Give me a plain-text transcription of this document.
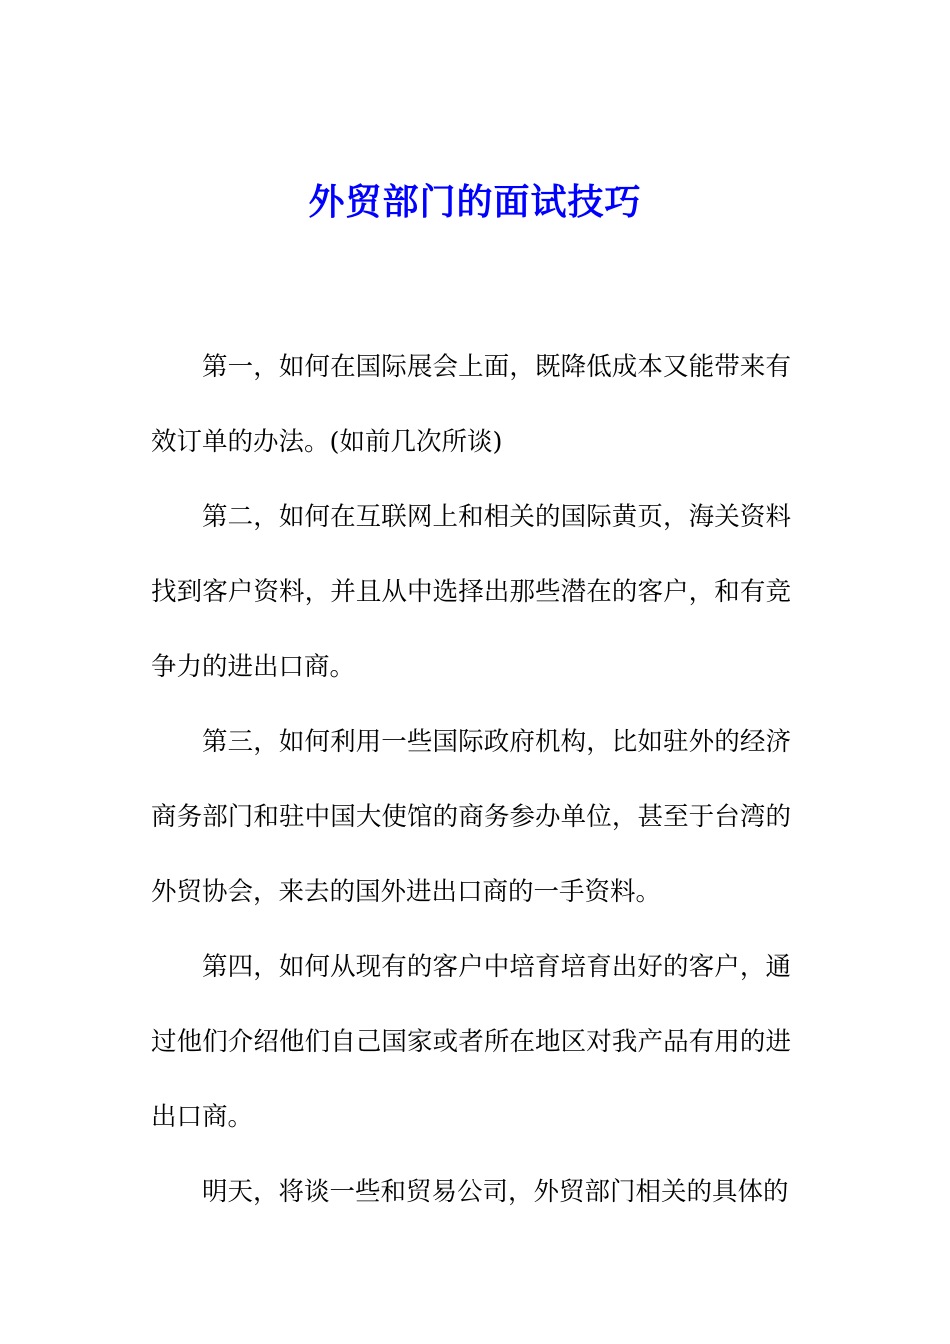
外贸部门的面试技巧

第一，如何在国际展会上面，既降低成本又能带来有效订单的办法。(如前几次所谈)

第二，如何在互联网上和相关的国际黄页，海关资料找到客户资料，并且从中选择出那些潜在的客户，和有竞争力的进出口商。

第三，如何利用一些国际政府机构，比如驻外的经济商务部门和驻中国大使馆的商务参办单位，甚至于台湾的外贸协会，来去的国外进出口商的一手资料。

第四，如何从现有的客户中培育培育出好的客户，通过他们介绍他们自己国家或者所在地区对我产品有用的进出口商。

明天，将谈一些和贸易公司，外贸部门相关的具体的
